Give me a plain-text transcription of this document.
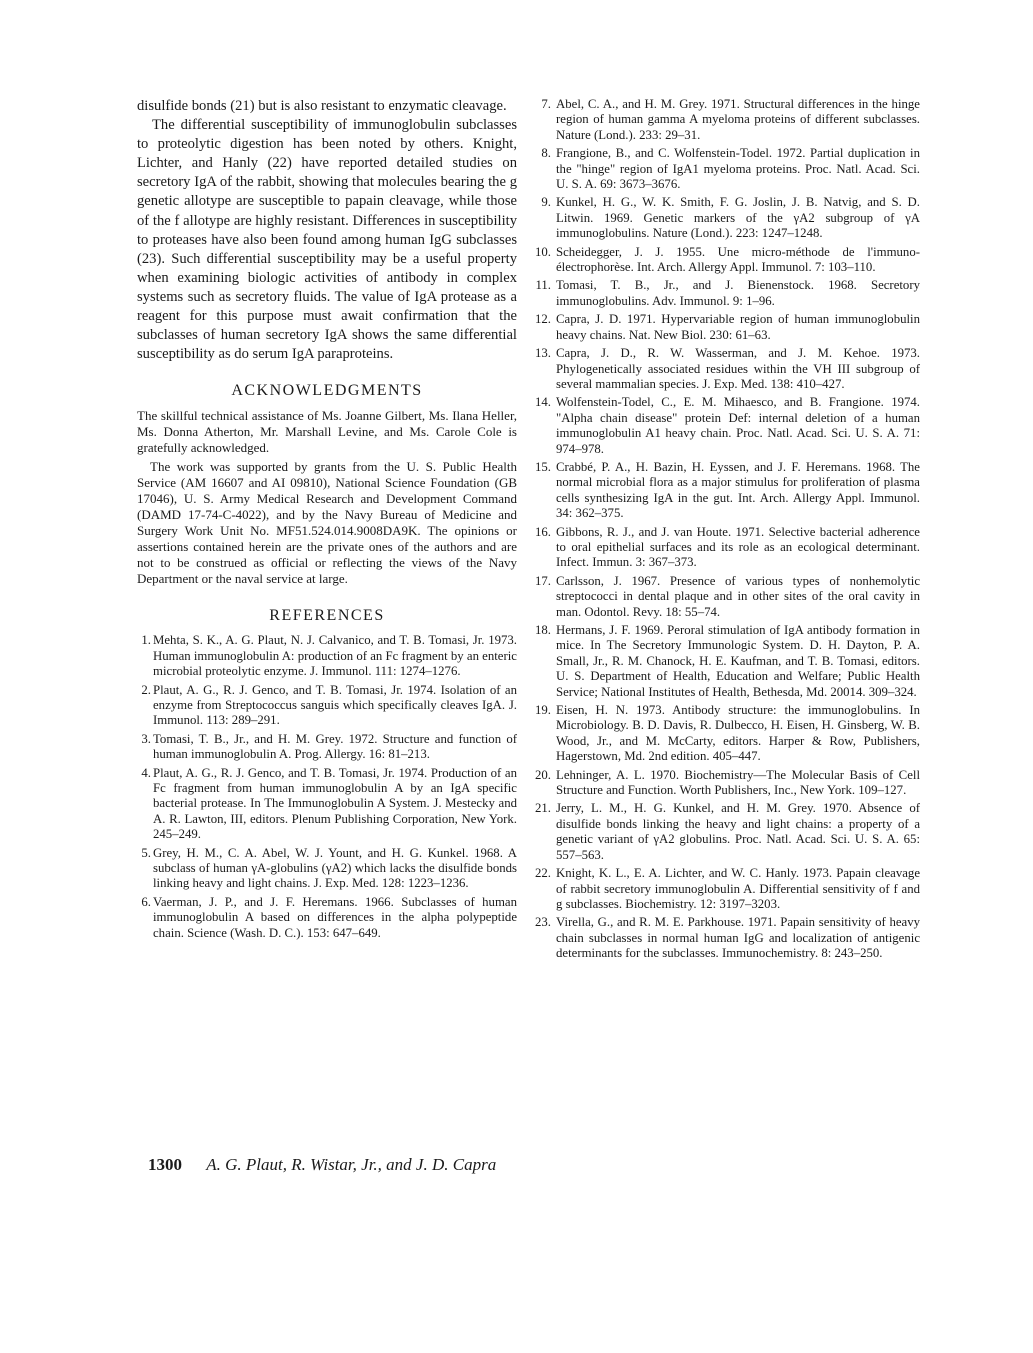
disulfide bonds (21) but is also resistant to enzymatic cleavage.

The differential susceptibility of immunoglobulin subclasses to proteolytic digestion has been noted by others. Knight, Lichter, and Hanly (22) have reported detailed studies on secretory IgA of the rabbit, showing that molecules bearing the g genetic allotype are susceptible to papain cleavage, while those of the f allotype are highly resistant. Differences in susceptibility to proteases have also been found among human IgG subclasses (23). Such differential susceptibility may be a useful property when examining biologic activities of antibody in complex systems such as secretory fluids. The value of IgA protease as a reagent for this purpose must await confirmation that the subclasses of human secretory IgA shows the same differential susceptibility as do serum IgA paraproteins.

ACKNOWLEDGMENTS

The skillful technical assistance of Ms. Joanne Gilbert, Ms. Ilana Heller, Ms. Donna Atherton, Mr. Marshall Levine, and Ms. Carole Cole is gratefully acknowledged.

The work was supported by grants from the U. S. Public Health Service (AM 16607 and AI 09810), National Science Foundation (GB 17046), U. S. Army Medical Research and Development Command (DAMD 17-74-C-4022), and by the Navy Bureau of Medicine and Surgery Work Unit No. MF51.524.014.9008DA9K. The opinions or assertions contained herein are the private ones of the authors and are not to be construed as official or reflecting the views of the Navy Department or the naval service at large.

REFERENCES
1. Mehta, S. K., A. G. Plaut, N. J. Calvanico, and T. B. Tomasi, Jr. 1973. Human immunoglobulin A: production of an Fc fragment by an enteric microbial proteolytic enzyme. J. Immunol. 111: 1274–1276.
2. Plaut, A. G., R. J. Genco, and T. B. Tomasi, Jr. 1974. Isolation of an enzyme from Streptococcus sanguis which specifically cleaves IgA. J. Immunol. 113: 289–291.
3. Tomasi, T. B., Jr., and H. M. Grey. 1972. Structure and function of human immunoglobulin A. Prog. Allergy. 16: 81–213.
4. Plaut, A. G., R. J. Genco, and T. B. Tomasi, Jr. 1974. Production of an Fc fragment from human immunoglobulin A by an IgA specific bacterial protease. In The Immunoglobulin A System. J. Mestecky and A. R. Lawton, III, editors. Plenum Publishing Corporation, New York. 245–249.
5. Grey, H. M., C. A. Abel, W. J. Yount, and H. G. Kunkel. 1968. A subclass of human γA-globulins (γA2) which lacks the disulfide bonds linking heavy and light chains. J. Exp. Med. 128: 1223–1236.
6. Vaerman, J. P., and J. F. Heremans. 1966. Subclasses of human immunoglobulin A based on differences in the alpha polypeptide chain. Science (Wash. D. C.). 153: 647–649.
7. Abel, C. A., and H. M. Grey. 1971. Structural differences in the hinge region of human gamma A myeloma proteins of different subclasses. Nature (Lond.). 233: 29–31.
8. Frangione, B., and C. Wolfenstein-Todel. 1972. Partial duplication in the "hinge" region of IgA1 myeloma proteins. Proc. Natl. Acad. Sci. U. S. A. 69: 3673–3676.
9. Kunkel, H. G., W. K. Smith, F. G. Joslin, J. B. Natvig, and S. D. Litwin. 1969. Genetic markers of the γA2 subgroup of γA immunoglobulins. Nature (Lond.). 223: 1247–1248.
10. Scheidegger, J. J. 1955. Une micro-méthode de l'immuno-électrophorèse. Int. Arch. Allergy Appl. Immunol. 7: 103–110.
11. Tomasi, T. B., Jr., and J. Bienenstock. 1968. Secretory immunoglobulins. Adv. Immunol. 9: 1–96.
12. Capra, J. D. 1971. Hypervariable region of human immunoglobulin heavy chains. Nat. New Biol. 230: 61–63.
13. Capra, J. D., R. W. Wasserman, and J. M. Kehoe. 1973. Phylogenetically associated residues within the VH III subgroup of several mammalian species. J. Exp. Med. 138: 410–427.
14. Wolfenstein-Todel, C., E. M. Mihaesco, and B. Frangione. 1974. "Alpha chain disease" protein Def: internal deletion of a human immunoglobulin A1 heavy chain. Proc. Natl. Acad. Sci. U. S. A. 71: 974–978.
15. Crabbé, P. A., H. Bazin, H. Eyssen, and J. F. Heremans. 1968. The normal microbial flora as a major stimulus for proliferation of plasma cells synthesizing IgA in the gut. Int. Arch. Allergy Appl. Immunol. 34: 362–375.
16. Gibbons, R. J., and J. van Houte. 1971. Selective bacterial adherence to oral epithelial surfaces and its role as an ecological determinant. Infect. Immun. 3: 367–373.
17. Carlsson, J. 1967. Presence of various types of nonhemolytic streptococci in dental plaque and in other sites of the oral cavity in man. Odontol. Revy. 18: 55–74.
18. Hermans, J. F. 1969. Peroral stimulation of IgA antibody formation in mice. In The Secretory Immunologic System. D. H. Dayton, P. A. Small, Jr., R. M. Chanock, H. E. Kaufman, and T. B. Tomasi, editors. U. S. Department of Health, Education and Welfare; Public Health Service; National Institutes of Health, Bethesda, Md. 20014. 309–324.
19. Eisen, H. N. 1973. Antibody structure: the immunoglobulins. In Microbiology. B. D. Davis, R. Dulbecco, H. Eisen, H. Ginsberg, W. B. Wood, Jr., and M. McCarty, editors. Harper & Row, Publishers, Hagerstown, Md. 2nd edition. 405–447.
20. Lehninger, A. L. 1970. Biochemistry—The Molecular Basis of Cell Structure and Function. Worth Publishers, Inc., New York. 109–127.
21. Jerry, L. M., H. G. Kunkel, and H. M. Grey. 1970. Absence of disulfide bonds linking the heavy and light chains: a property of a genetic variant of γA2 globulins. Proc. Natl. Acad. Sci. U. S. A. 65: 557–563.
22. Knight, K. L., E. A. Lichter, and W. C. Hanly. 1973. Papain cleavage of rabbit secretory immunoglobulin A. Differential sensitivity of f and g subclasses. Biochemistry. 12: 3197–3203.
23. Virella, G., and R. M. E. Parkhouse. 1971. Papain sensitivity of heavy chain subclasses in normal human IgG and localization of antigenic determinants for the subclasses. Immunochemistry. 8: 243–250.
1300 A. G. Plaut, R. Wistar, Jr., and J. D. Capra
